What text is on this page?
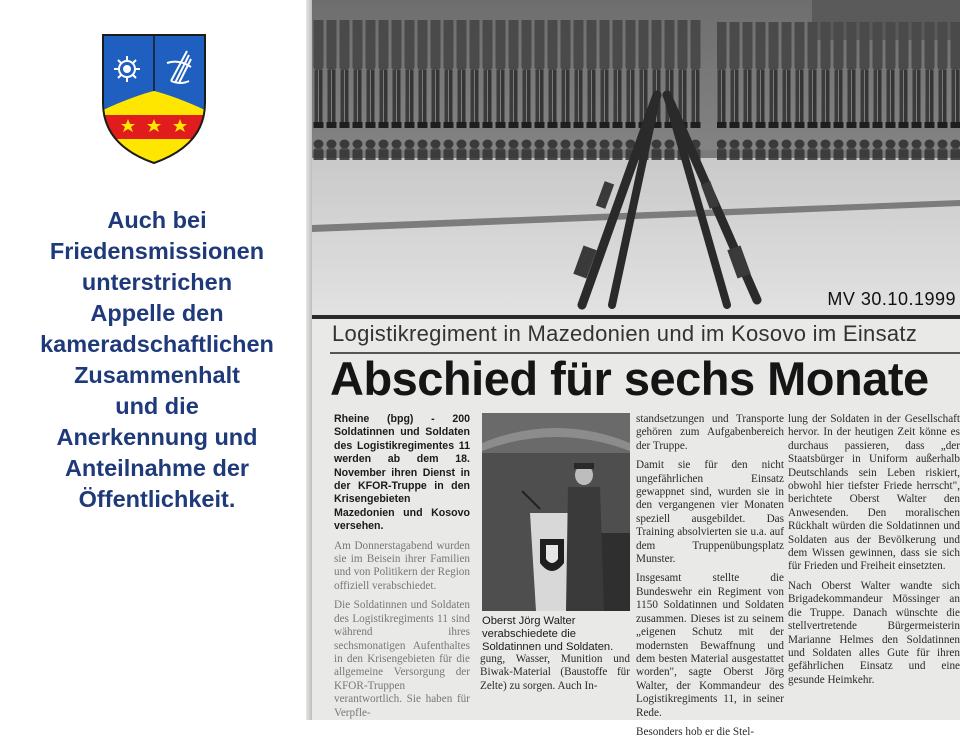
Auch bei
Friedensmissionen
unterstrichen
Appelle den
kameradschaftlichen
Zusammenhalt
und die
Anerkennung und
Anteilnahme der
Öffentlichkeit.
MV 30.10.1999
Logistikregiment in Mazedonien und im Kosovo im Einsatz
Abschied für sechs Monate

Rheine (bpg) - 200 Soldatinnen und Soldaten des Logistikregimentes 11 werden ab dem 18. November ihren Dienst in der KFOR-Truppe in den Krisengebieten Mazedonien und Kosovo versehen.

Am Donnerstagabend wurden sie im Beisein ihrer Familien und von Politikern der Region offiziell verabschiedet.

Die Soldatinnen und Soldaten des Logistikregiments 11 sind während ihres sechsmonatigen Aufenthaltes in den Krisengebieten für die allgemeine Versorgung der KFOR-Truppen verantwortlich. Sie haben für Verpfle-

Oberst Jörg Walter verabschiedete die Soldatinnen und Soldaten.

gung, Wasser, Munition und Biwak-Material (Baustoffe für Zelte) zu sorgen. Auch In-

standsetzungen und Transporte gehören zum Aufgabenbereich der Truppe.

Damit sie für den nicht ungefährlichen Einsatz gewappnet sind, wurden sie in den vergangenen vier Monaten speziell ausgebildet. Das Training absolvierten sie u.a. auf dem Truppenübungsplatz Munster.

Insgesamt stellte die Bundeswehr ein Regiment von 1150 Soldatinnen und Soldaten zusammen. Dieses ist zu seinem „eigenen Schutz mit der modernsten Bewaffnung und dem besten Material ausgestattet worden", sagte Oberst Jörg Walter, der Kommandeur des Logistikregiments 11, in seiner Rede.

Besonders hob er die Stel-

lung der Soldaten in der Gesellschaft hervor. In der heutigen Zeit könne es durchaus passieren, dass „der Staatsbürger in Uniform außerhalb Deutschlands sein Leben riskiert, obwohl hier tiefster Friede herrscht", berichtete Oberst Walter den Anwesenden. Den moralischen Rückhalt würden die Soldatinnen und Soldaten aus der Bevölkerung und dem Wissen gewinnen, dass sie sich für Frieden und Freiheit einsetzten.

Nach Oberst Walter wandte sich Brigadekommandeur Mössinger an die Truppe. Danach wünschte die stellvertretende Bürgermeisterin Marianne Helmes den Soldatinnen und Soldaten alles Gute für ihren gefährlichen Einsatz und eine gesunde Heimkehr.
